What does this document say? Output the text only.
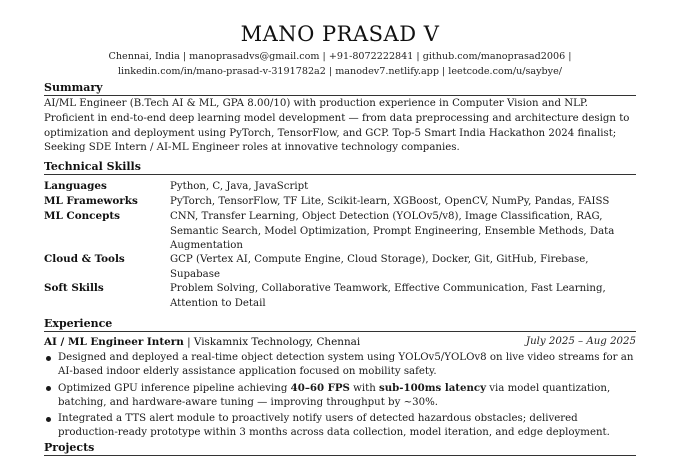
MANO PRASAD V
Chennai, India | manoprasadvs@gmail.com | +91-8072222841 | github.com/manoprasad2006 |
linkedin.com/in/mano-prasad-v-3191782a2 | manodev7.netlify.app | leetcode.com/u/saybye/
Summary

AI/ML Engineer (B.Tech AI & ML, GPA 8.00/10) with production experience in Computer Vision and NLP. Proficient in end-to-end deep learning model development — from data preprocessing and architecture design to optimization and deployment using PyTorch, TensorFlow, and GCP. Top-5 Smart India Hackathon 2024 finalist; Seeking SDE Intern / AI-ML Engineer roles at innovative technology companies.

Technical Skills
Languages	Python, C, Java, JavaScript

ML Frameworks	PyTorch, TensorFlow, TF Lite, Scikit-learn, XGBoost, OpenCV, NumPy, Pandas, FAISS

ML Concepts	CNN, Transfer Learning, Object Detection (YOLOv5/v8), Image Classification, RAG, Semantic Search, Model Optimization, Prompt Engineering, Ensemble Methods, Data Augmentation

Cloud & Tools	GCP (Vertex AI, Compute Engine, Cloud Storage), Docker, Git, GitHub, Firebase, Supabase

Soft Skills	Problem Solving, Collaborative Teamwork, Effective Communication, Fast Learning, Attention to Detail

Experience
AI / ML Engineer Intern | Viskamnix Technology, Chennai	July 2025 – Aug 2025
Designed and deployed a real-time object detection system using YOLOv5/YOLOv8 on live video streams for an AI-based indoor elderly assistance application focused on mobility safety.
Optimized GPU inference pipeline achieving 40–60 FPS with sub-100ms latency via model quantization, batching, and hardware-aware tuning — improving throughput by ~30%.
Integrated a TTS alert module to proactively notify users of detected hazardous obstacles; delivered production-ready prototype within 3 months across data collection, model iteration, and edge deployment.
Projects
